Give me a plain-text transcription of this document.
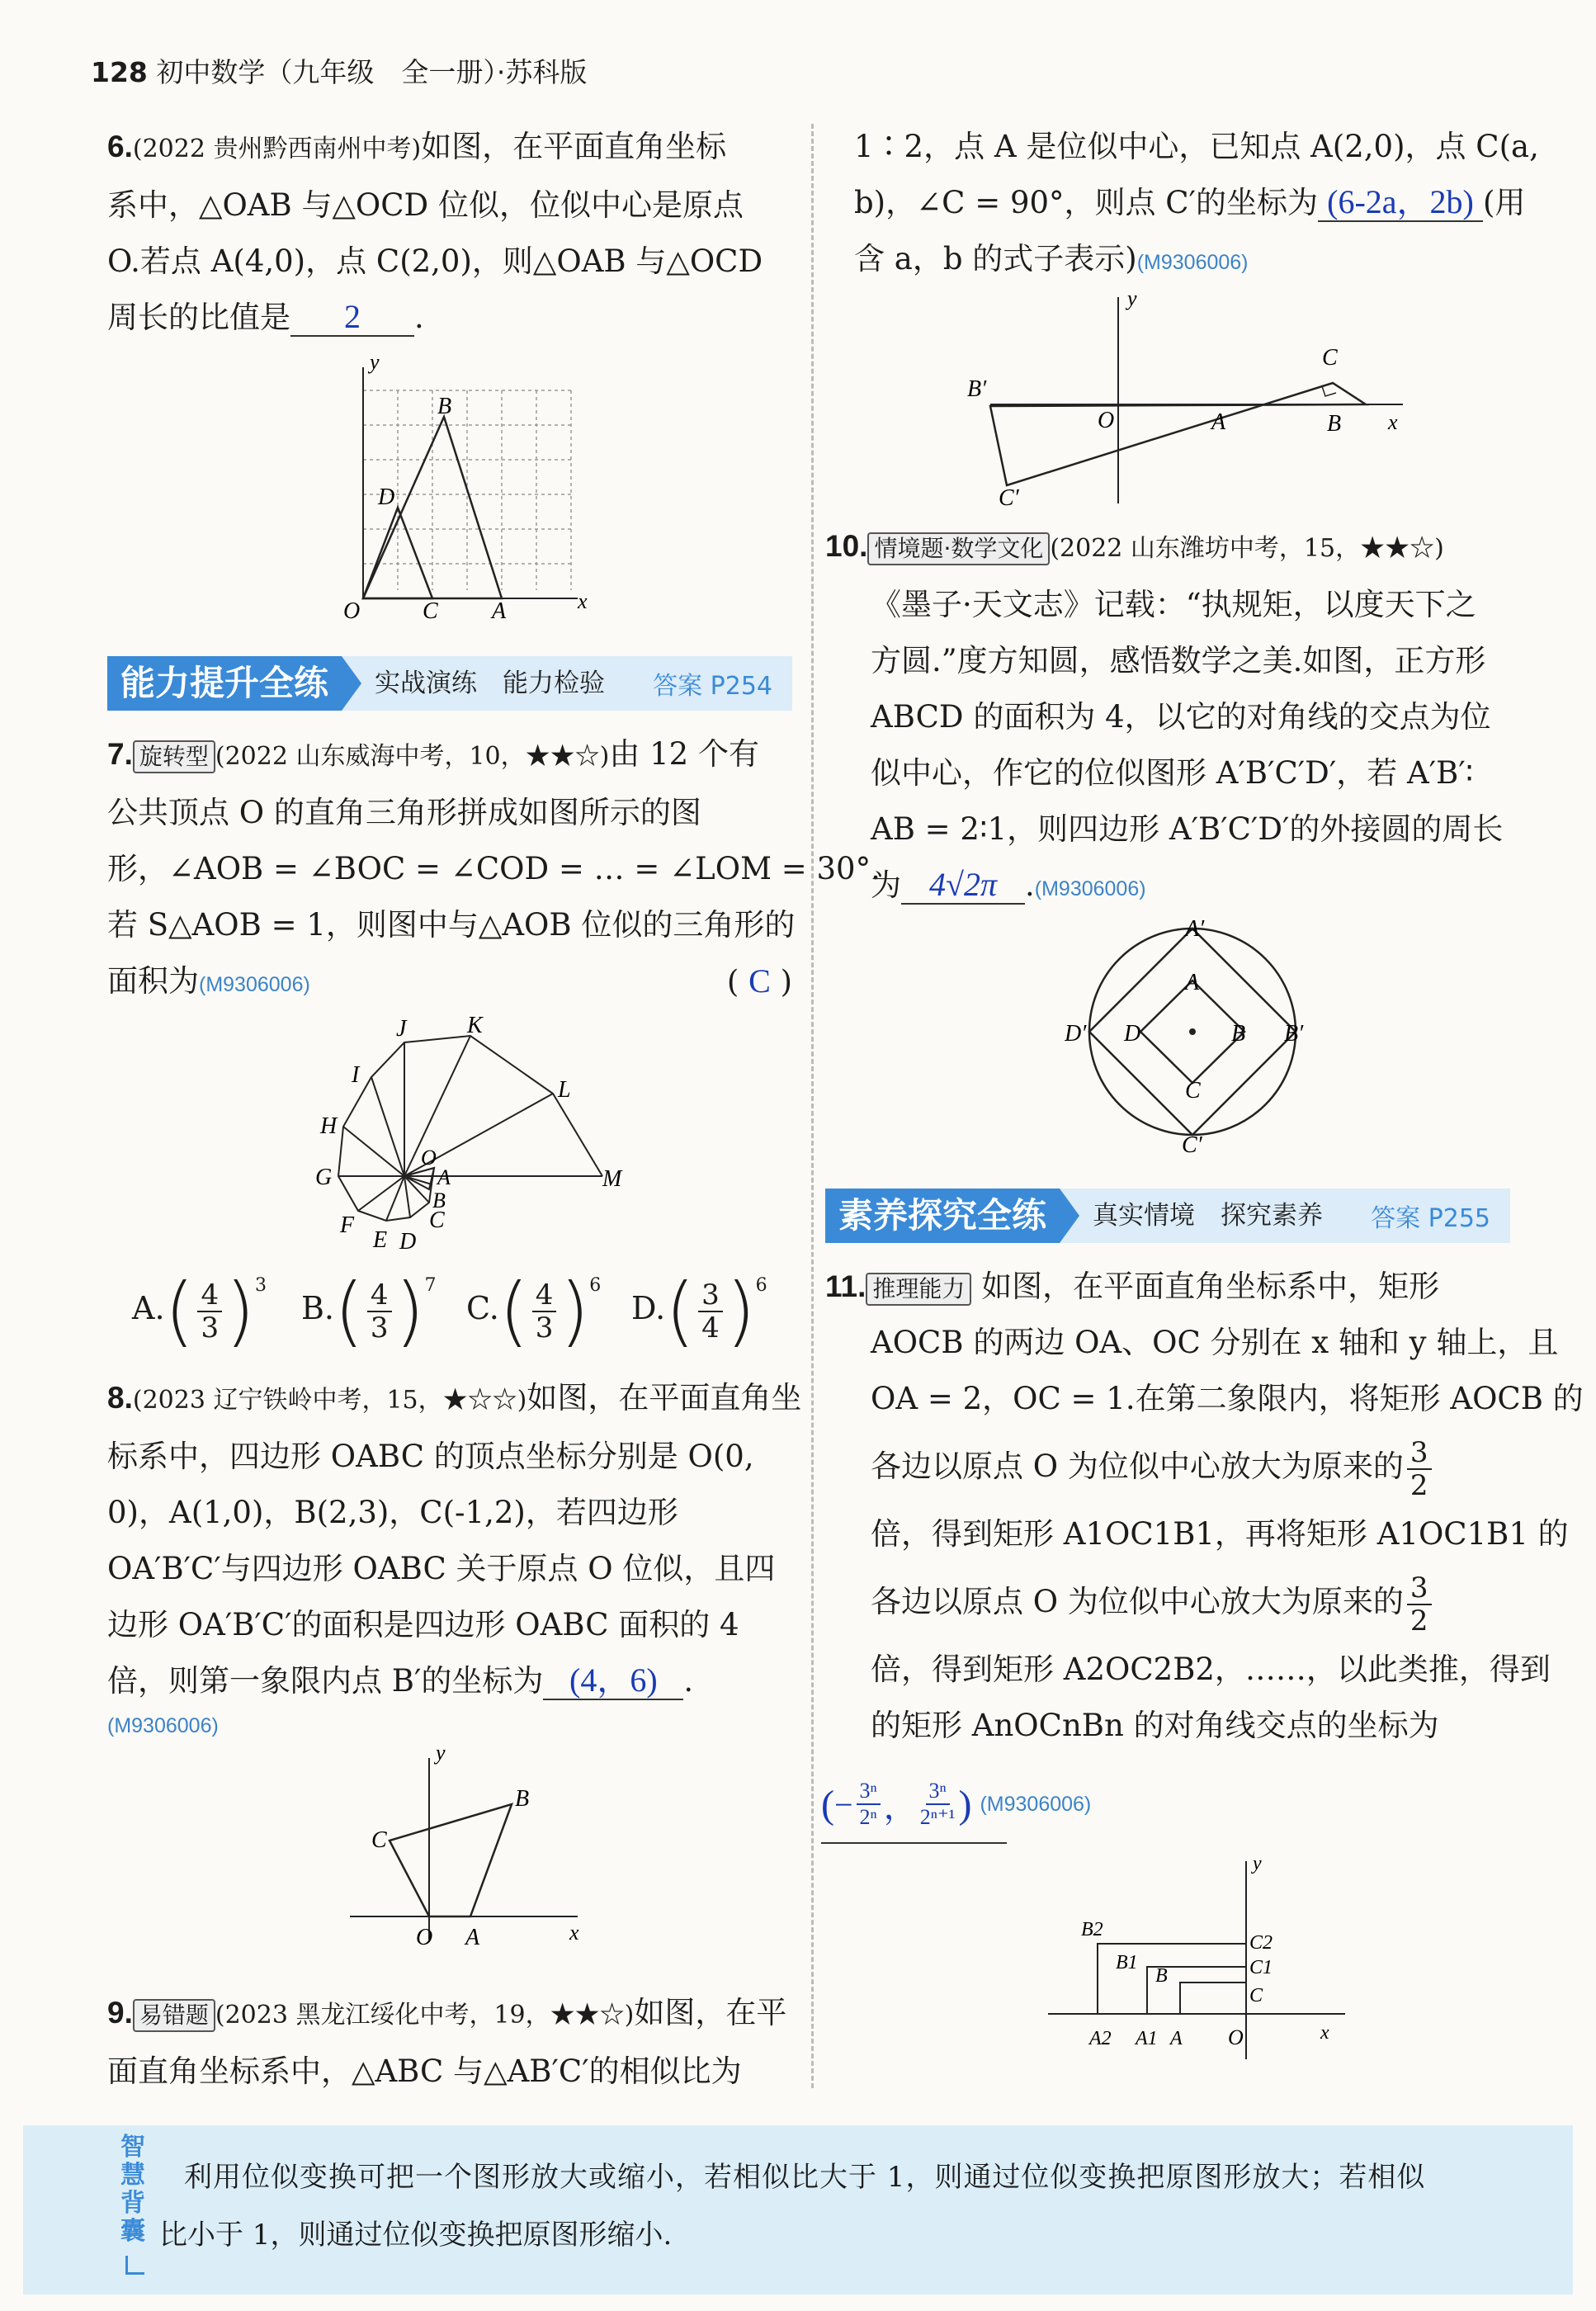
128 初中数学（九年级　全一册）·苏科版
6.(2022 贵州黔西南州中考)如图，在平面直角坐标
系中，△OAB 与△OCD 位似，位似中心是原点
O.若点 A(4,0)，点 C(2,0)，则△OAB 与△OCD
周长的比值是 2 .
y
x
O	A
C
B
D
能力提升全练	实战演练　能力检验	答案 P254
7. 旋转型 (2022 山东威海中考，10，★★☆)由 12 个有
公共顶点 O 的直角三角形拼成如图所示的图
形，∠AOB = ∠BOC = ∠COD = … = ∠LOM = 30°.
若 S△AOB = 1，则图中与△AOB 位似的三角形的
面积为(M9306006)	( C )
J	K
I
L
H
G	M
F
E D
C
B
A
O
$A.( \frac{4}{3} )^3$
$B.( \frac{4}{3} )^7$
$C.( \frac{4}{3} )^6$
$D.( \frac{3}{4} )^6$
8.(2023 辽宁铁岭中考，15，★☆☆)如图，在平面直角坐
标系中，四边形 OABC 的顶点坐标分别是 O(0,
0)，A(1,0)，B(2,3)，C(-1,2)，若四边形
OA′B′C′与四边形 OABC 关于原点 O 位似，且四
边形 OA′B′C′的面积是四边形 OABC 面积的 4
倍，则第一象限内点 B′的坐标为 (4，6) .
(M9306006)
y
x
O A
B
C
9. 易错题 (2023 黑龙江绥化中考，19，★★☆)如图，在平
面直角坐标系中，△ABC 与△AB′C′的相似比为
1∶2，点 A 是位似中心，已知点 A(2,0)，点 C(a,
b)，∠C = 90°，则点 C′的坐标为 (6-2a，2b) (用
含 a，b 的式子表示)(M9306006)
y
x
O	A	B
C
B′
C′
10. 情境题·数学文化 (2022 山东潍坊中考，15，★★☆)
《墨子·天文志》记载：“执规矩，以度天下之
方圆.”度方知圆，感悟数学之美.如图，正方形
ABCD 的面积为 4，以它的对角线的交点为位
似中心，作它的位似图形 A′B′C′D′，若 A′B′∶
AB = 2∶1，则四边形 A′B′C′D′的外接圆的周长
为 4√2π .(M9306006)
A′
A
B B′
C
C′
D
D′
素养探究全练	真实情境　探究素养	答案 P255
11. 推理能力 如图，在平面直角坐标系中，矩形
AOCB 的两边 OA、OC 分别在 x 轴和 y 轴上，且
OA = 2，OC = 1.在第二象限内，将矩形 AOCB 的
各边以原点 O 为位似中心放大为原来的 $\frac{3}{2}$
倍，得到矩形 A1OC1B1，再将矩形 A1OC1B1 的
各边以原点 O 为位似中心放大为原来的 $\frac{3}{2}$
倍，得到矩形 A2OC2B2，……，以此类推，得到
的矩形 AnOCnBn 的对角线交点的坐标为
( − $\frac{\text{3ⁿ}}{\text{2ⁿ}}$ ， $\frac{\text{3ⁿ}}{\text{2ⁿ⁺¹}}$ ) (M9306006)
y
x
O
A2 A1 A
B2
B1
B
C2
C1
C
智慧背囊
利用位似变换可把一个图形放大或缩小，若相似比大于 1，则通过位似变换把原图形放大；若相似
比小于 1，则通过位似变换把原图形缩小.
